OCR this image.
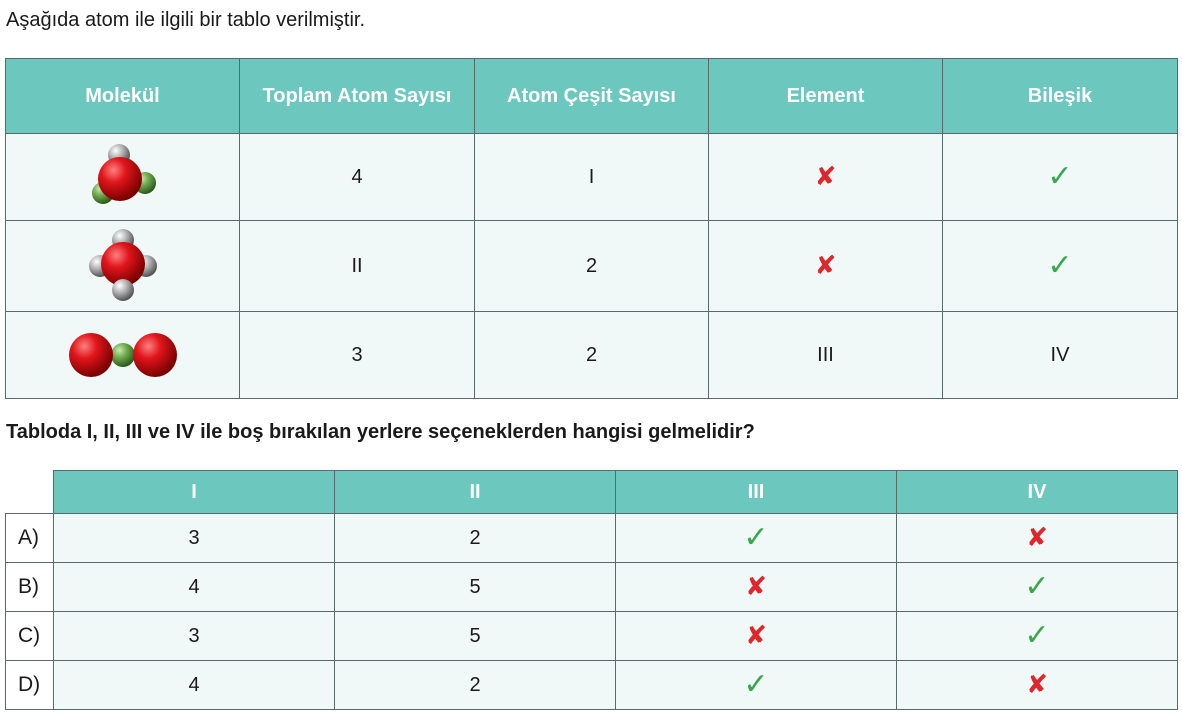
Aşağıda atom ile ilgili bir tablo verilmiştir.
Molekül	Toplam Atom Sayısı	Atom Çeşit Sayısı	Element	Bileşik

	4	I	✘	✓

	II	2	✘	✓

	3	2	III	IV
Tabloda I, II, III ve IV ile boş bırakılan yerlere seçeneklerden hangisi gelmelidir?
	I	II	III	IV
A)	3	2	✓	✘
B)	4	5	✘	✓
C)	3	5	✘	✓
D)	4	2	✓	✘
